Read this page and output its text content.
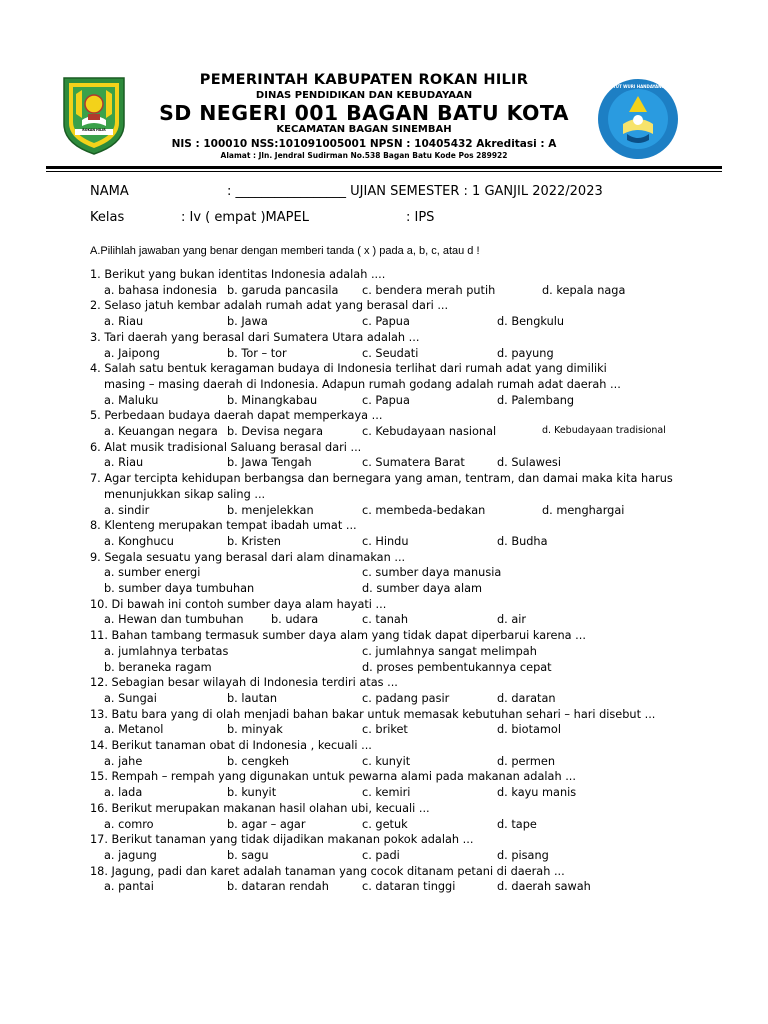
ROKAN HILIR
TUT WURI HANDAYANI
PEMERINTAH KABUPATEN ROKAN HILIR
DINAS PENDIDIKAN DAN KEBUDAYAAN
SD NEGERI 001 BAGAN BATU KOTA
KECAMATAN BAGAN SINEMBAH
NIS : 100010 NSS:101091005001 NPSN : 10405432 Akreditasi : A
Alamat : Jln. Jendral Sudirman No.538 Bagan Batu Kode Pos 289922
NAMA	: _________________ UJIAN SEMESTER : 1 GANJIL 2022/2023
Kelas	: Iv ( empat )MAPEL	: IPS
A.Pilihlah jawaban yang benar dengan memberi tanda ( x ) pada a, b, c, atau d !
1. Berikut yang bukan identitas Indonesia adalah ....
a. bahasa indonesia b. garuda pancasila c. bendera merah putih	d. kepala naga
2. Selaso jatuh kembar adalah rumah adat yang berasal dari ...
a. Riau	b. Jawa	c. Papua	d. Bengkulu
3. Tari daerah yang berasal dari Sumatera Utara adalah ...
a. Jaipong	b. Tor – tor	c. Seudati	d. payung
4. Salah satu bentuk keragaman budaya di Indonesia terlihat dari rumah adat yang dimiliki
masing – masing daerah di Indonesia. Adapun rumah godang adalah rumah adat daerah ...
a. Maluku	b. Minangkabau	c. Papua	d. Palembang
5. Perbedaan budaya daerah dapat memperkaya ...
a. Keuangan negara b. Devisa negara	c. Kebudayaan nasional	d. Kebudayaan tradisional
6. Alat musik tradisional Saluang berasal dari ...
a. Riau	b. Jawa Tengah	c. Sumatera Barat	d. Sulawesi
7. Agar tercipta kehidupan berbangsa dan bernegara yang aman, tentram, dan damai maka kita harus
menunjukkan sikap saling ...
a. sindir	b. menjelekkan	c. membeda-bedakan	d. menghargai
8. Klenteng merupakan tempat ibadah umat ...
a. Konghucu	b. Kristen	c. Hindu	d. Budha
9. Segala sesuatu yang berasal dari alam dinamakan ...
a. sumber energi	c. sumber daya manusia
b. sumber daya tumbuhan	d. sumber daya alam
10. Di bawah ini contoh sumber daya alam hayati ...
a. Hewan dan tumbuhan b. udara	c. tanah	d. air
11. Bahan tambang termasuk sumber daya alam yang tidak dapat diperbarui karena ...
a. jumlahnya terbatas	c. jumlahnya sangat melimpah
b. beraneka ragam	d. proses pembentukannya cepat
12. Sebagian besar wilayah di Indonesia terdiri atas ...
a. Sungai	b. lautan	c. padang pasir	d. daratan
13. Batu bara yang di olah menjadi bahan bakar untuk memasak kebutuhan sehari – hari disebut ...
a. Metanol	b. minyak	c. briket	d. biotamol
14. Berikut tanaman obat di Indonesia , kecuali ...
a. jahe	b. cengkeh	c. kunyit	d. permen
15. Rempah – rempah yang digunakan untuk pewarna alami pada makanan adalah ...
a. lada	b. kunyit	c. kemiri	d. kayu manis
16. Berikut merupakan makanan hasil olahan ubi, kecuali ...
a. comro	b. agar – agar	c. getuk	d. tape
17. Berikut tanaman yang tidak dijadikan makanan pokok adalah ...
a. jagung	b. sagu	c. padi	d. pisang
18. Jagung, padi dan karet adalah tanaman yang cocok ditanam petani di daerah ...
a. pantai	b. dataran rendah	c. dataran tinggi	d. daerah sawah
